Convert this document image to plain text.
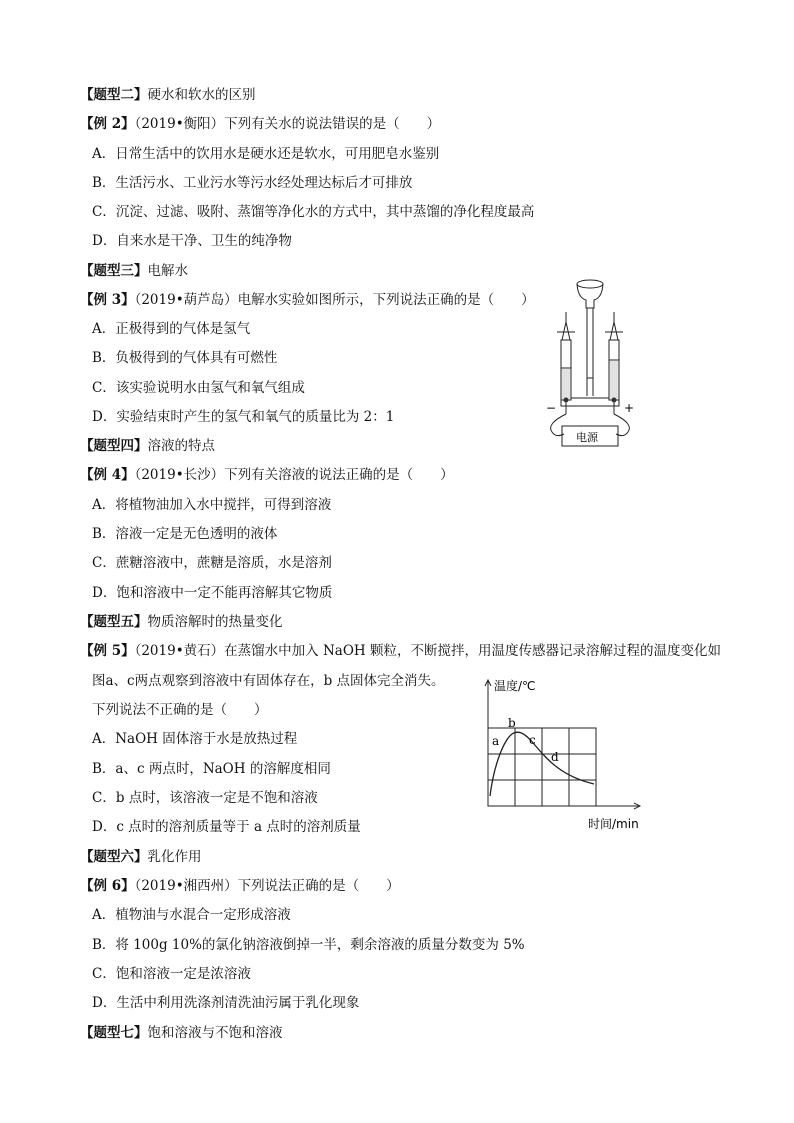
【题型二】硬水和软水的区别
【例 2】（2019•衡阳）下列有关水的说法错误的是（　　）
A．日常生活中的饮用水是硬水还是软水，可用肥皂水鉴别
B．生活污水、工业污水等污水经处理达标后才可排放
C．沉淀、过滤、吸附、蒸馏等净化水的方式中，其中蒸馏的净化程度最高
D．自来水是干净、卫生的纯净物
【题型三】电解水
【例 3】（2019•葫芦岛）电解水实验如图所示，下列说法正确的是（　　）
A．正极得到的气体是氢气
B．负极得到的气体具有可燃性
C．该实验说明水由氢气和氧气组成
D．实验结束时产生的氢气和氧气的质量比为 2：1
−	+
电源
【题型四】溶液的特点
【例 4】（2019•长沙）下列有关溶液的说法正确的是（　　）
A．将植物油加入水中搅拌，可得到溶液
B．溶液一定是无色透明的液体
C．蔗糖溶液中，蔗糖是溶质，水是溶剂
D．饱和溶液中一定不能再溶解其它物质
【题型五】物质溶解时的热量变化
【例 5】（2019•黄石）在蒸馏水中加入 NaOH 颗粒，不断搅拌，用温度传感器记录溶解过程的温度变化如
图a、c两点观察到溶液中有固体存在，b 点固体完全消失。
下列说法不正确的是（　　）
A．NaOH 固体溶于水是放热过程
B．a、c 两点时，NaOH 的溶解度相同
C．b 点时，该溶液一定是不饱和溶液
D．c 点时的溶剂质量等于 a 点时的溶剂质量
温度/℃
时间/min
a
b
c
d
【题型六】乳化作用
【例 6】（2019•湘西州）下列说法正确的是（　　）
A．植物油与水混合一定形成溶液
B．将 100g 10%的氯化钠溶液倒掉一半，剩余溶液的质量分数变为 5%
C．饱和溶液一定是浓溶液
D．生活中利用洗涤剂清洗油污属于乳化现象
【题型七】饱和溶液与不饱和溶液
